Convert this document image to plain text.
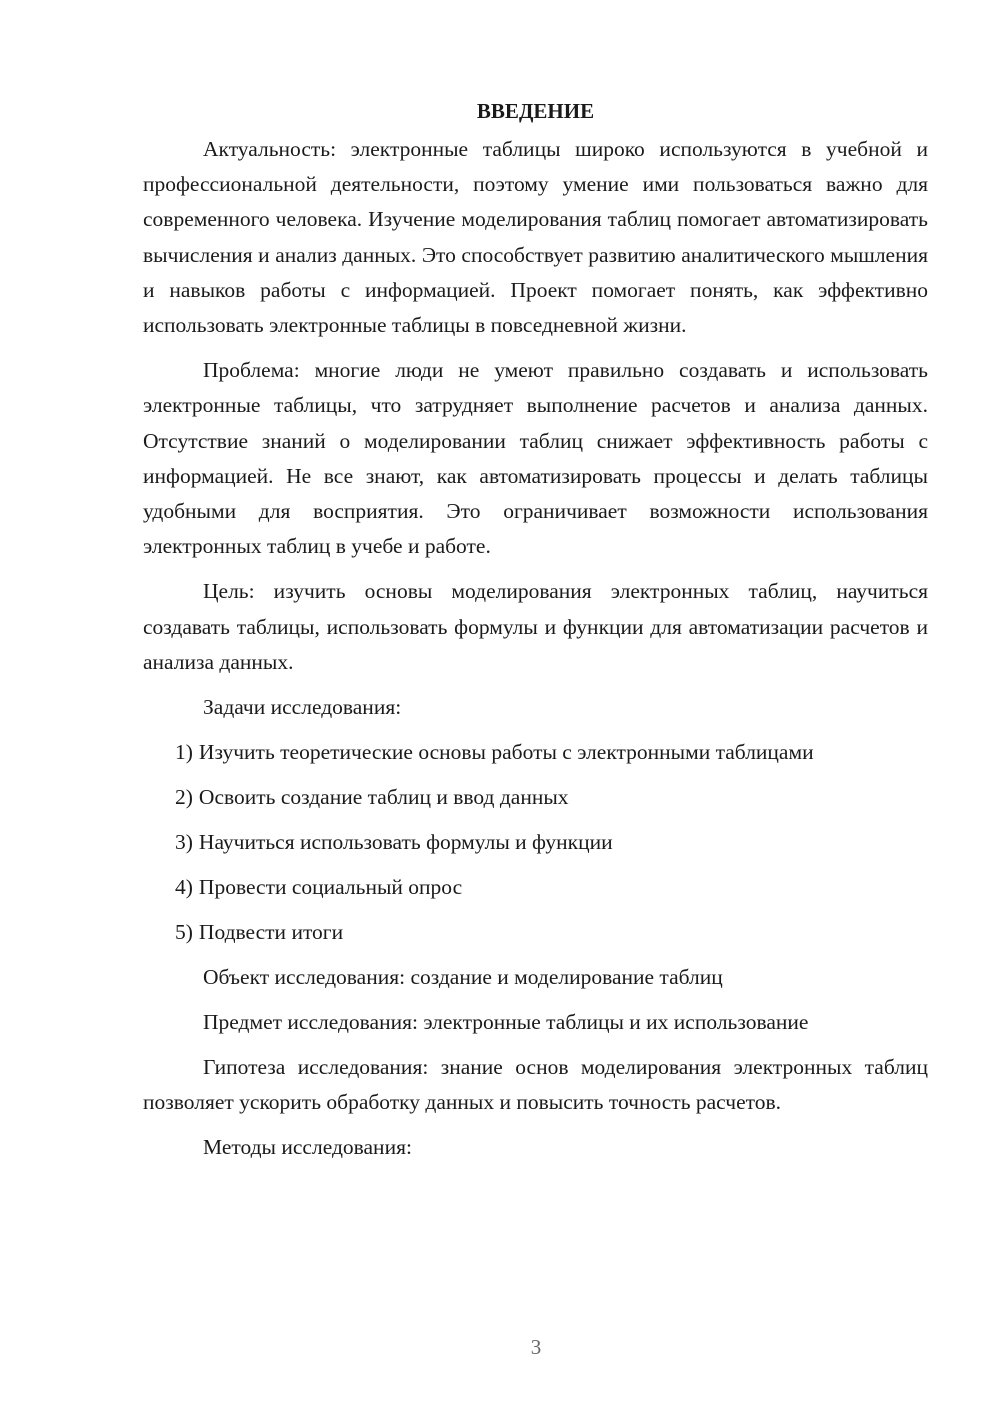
ВВЕДЕНИЕ

Актуальность: электронные таблицы широко используются в учебной и профессиональной деятельности, поэтому умение ими пользоваться важно для современного человека. Изучение моделирования таблиц помогает автоматизировать вычисления и анализ данных. Это способствует развитию аналитического мышления и навыков работы с информацией. Проект помогает понять, как эффективно использовать электронные таблицы в повседневной жизни.

Проблема: многие люди не умеют правильно создавать и использовать электронные таблицы, что затрудняет выполнение расчетов и анализа данных. Отсутствие знаний о моделировании таблиц снижает эффективность работы с информацией. Не все знают, как автоматизировать процессы и делать таблицы удобными для восприятия. Это ограничивает возможности использования электронных таблиц в учебе и работе.

Цель: изучить основы моделирования электронных таблиц, научиться создавать таблицы, использовать формулы и функции для автоматизации расчетов и анализа данных.

Задачи исследования:

1) Изучить теоретические основы работы с электронными таблицами
2) Освоить создание таблиц и ввод данных
3) Научиться использовать формулы и функции
4) Провести социальный опрос
5) Подвести итоги

Объект исследования: создание и моделирование таблиц

Предмет исследования: электронные таблицы и их использование

Гипотеза исследования: знание основ моделирования электронных таблиц позволяет ускорить обработку данных и повысить точность расчетов.

Методы исследования:

3
